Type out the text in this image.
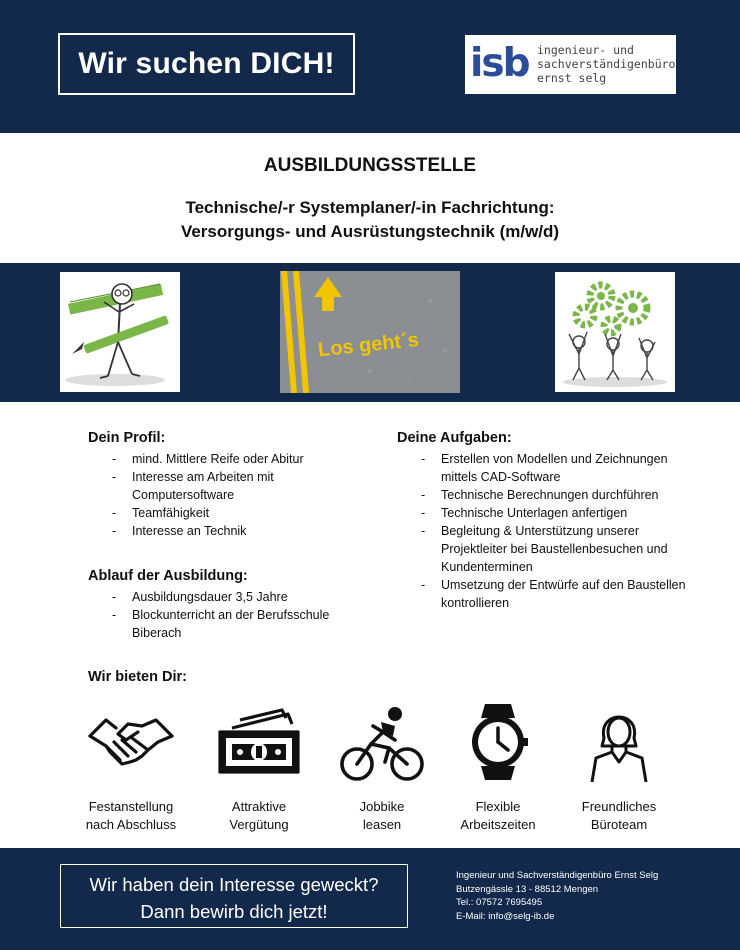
Wir suchen DICH!	isb ingenieur- und
sachverständigenbüro
ernst selg
AUSBILDUNGSSTELLE
Technische/-r Systemplaner/-in Fachrichtung:
Versorgungs- und Ausrüstungstechnik (m/w/d)
Los geht´s
Dein Profil:
- mind. Mittlere Reife oder Abitur
- Interesse am Arbeiten mit Computersoftware
- Teamfähigkeit
- Interesse an Technik
Ablauf der Ausbildung:
- Ausbildungsdauer 3,5 Jahre
- Blockunterricht an der Berufsschule Biberach
Deine Aufgaben:
- Erstellen von Modellen und Zeichnungen mittels CAD-Software
- Technische Berechnungen durchführen
- Technische Unterlagen anfertigen
- Begleitung & Unterstützung unserer Projektleiter bei Baustellenbesuchen und Kundenterminen
- Umsetzung der Entwürfe auf den Baustellen kontrollieren
Wir bieten Dir:
Festanstellung
nach Abschluss
Attraktive
Vergütung
Jobbike
leasen
Flexible
Arbeitszeiten
Freundliches
Büroteam
Wir haben dein Interesse geweckt?
Dann bewirb dich jetzt!
Ingenieur und Sachverständigenbüro Ernst Selg
Butzengässle 13 - 88512 Mengen
Tel.: 07572 7695495
E-Mail: info@selg-ib.de
